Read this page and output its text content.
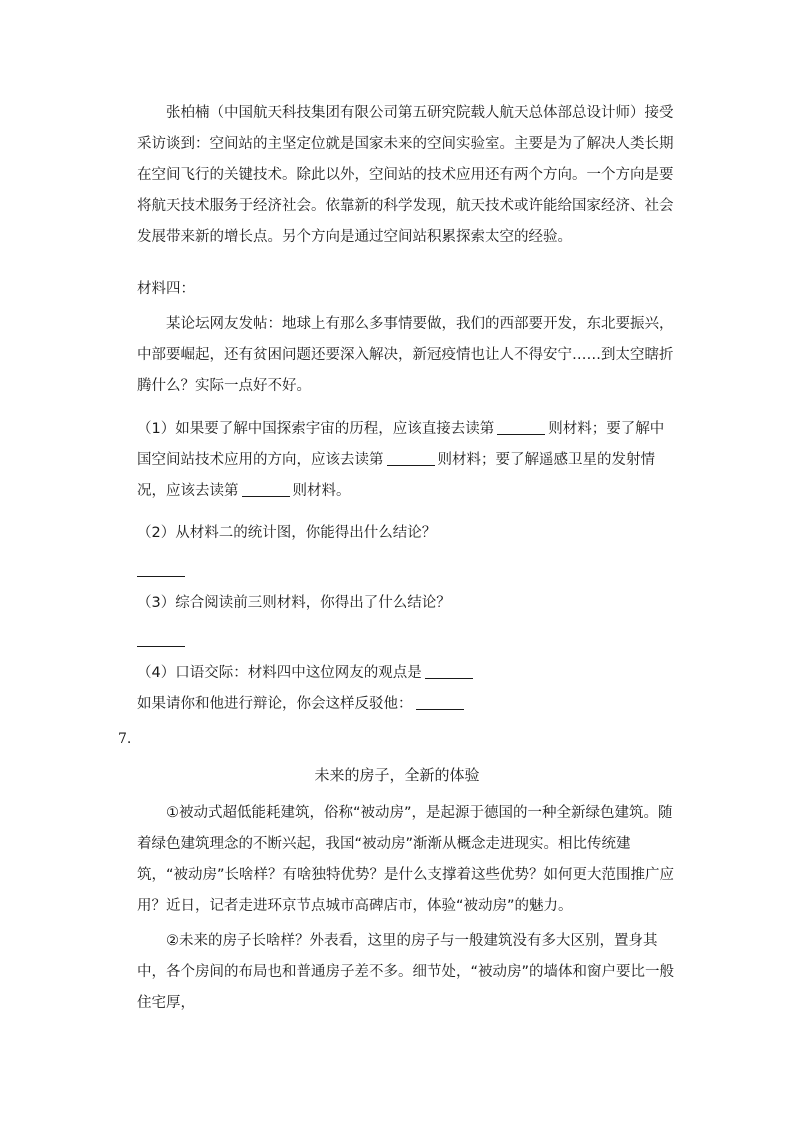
张柏楠（中国航天科技集团有限公司第五研究院载人航天总体部总设计师）接受采访谈到：空间站的主坚定位就是国家未来的空间实验室。主要是为了解决人类长期在空间飞行的关键技术。除此以外，空间站的技术应用还有两个方向。一个方向是要将航天技术服务于经济社会。依靠新的科学发现，航天技术或许能给国家经济、社会发展带来新的增长点。另个方向是通过空间站积累探索太空的经验。

材料四：

某论坛网友发帖：地球上有那么多事情要做，我们的西部要开发，东北要振兴，中部要崛起，还有贫困问题还要深入解决，新冠疫情也让人不得安宁……到太空瞎折腾什么？实际一点好不好。

（1）如果要了解中国探索宇宙的历程，应该直接去读第	则材料；要了解中国空间站技术应用的方向，应该去读第	则材料；要了解遥感卫星的发射情况，应该去读第	则材料。

（2）从材料二的统计图，你能得出什么结论？

（3）综合阅读前三则材料，你得出了什么结论？

（4）口语交际：材料四中这位网友的观点是

如果请你和他进行辩论，你会这样反驳他：

7.
未来的房子，全新的体验

①被动式超低能耗建筑，俗称“被动房”，是起源于德国的一种全新绿色建筑。随着绿色建筑理念的不断兴起，我国“被动房”渐渐从概念走进现实。相比传统建筑，“被动房”长啥样？有啥独特优势？是什么支撑着这些优势？如何更大范围推广应用？近日，记者走进环京节点城市高碑店市，体验“被动房”的魅力。

②未来的房子长啥样？外表看，这里的房子与一般建筑没有多大区别，置身其中，各个房间的布局也和普通房子差不多。细节处，“被动房”的墙体和窗户要比一般住宅厚，
